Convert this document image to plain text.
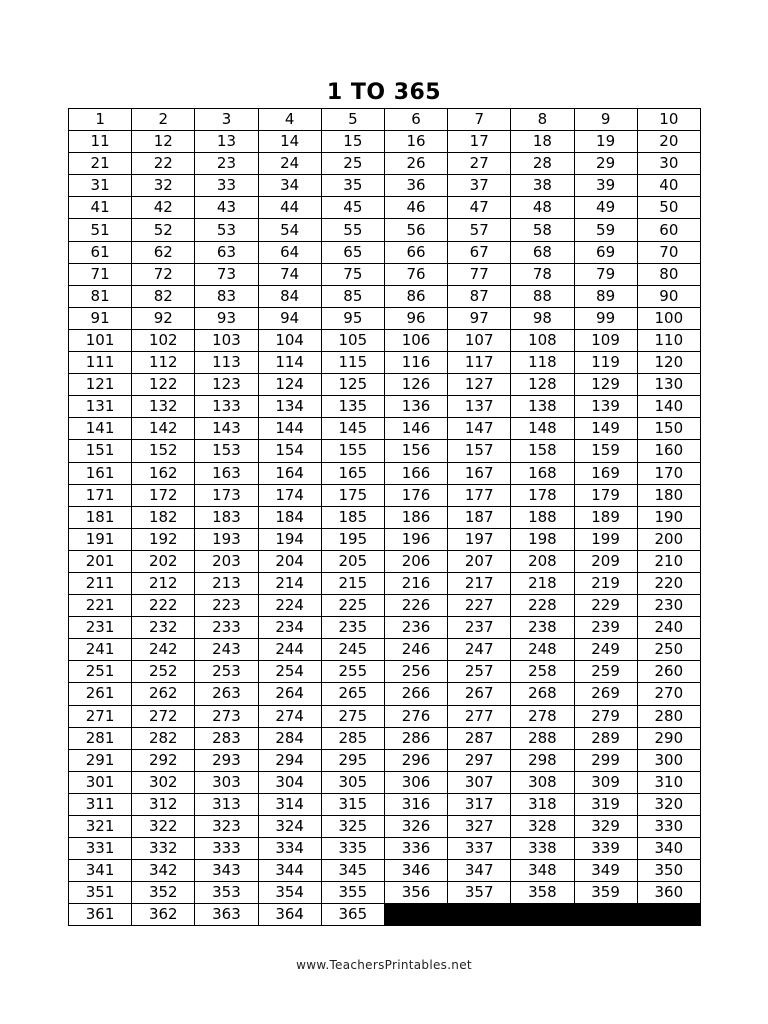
1 TO 365
1	2	3	4	5	6	7	8	9	10
11	12	13	14	15	16	17	18	19	20
21	22	23	24	25	26	27	28	29	30
31	32	33	34	35	36	37	38	39	40
41	42	43	44	45	46	47	48	49	50
51	52	53	54	55	56	57	58	59	60
61	62	63	64	65	66	67	68	69	70
71	72	73	74	75	76	77	78	79	80
81	82	83	84	85	86	87	88	89	90
91	92	93	94	95	96	97	98	99	100
101	102	103	104	105	106	107	108	109	110
111	112	113	114	115	116	117	118	119	120
121	122	123	124	125	126	127	128	129	130
131	132	133	134	135	136	137	138	139	140
141	142	143	144	145	146	147	148	149	150
151	152	153	154	155	156	157	158	159	160
161	162	163	164	165	166	167	168	169	170
171	172	173	174	175	176	177	178	179	180
181	182	183	184	185	186	187	188	189	190
191	192	193	194	195	196	197	198	199	200
201	202	203	204	205	206	207	208	209	210
211	212	213	214	215	216	217	218	219	220
221	222	223	224	225	226	227	228	229	230
231	232	233	234	235	236	237	238	239	240
241	242	243	244	245	246	247	248	249	250
251	252	253	254	255	256	257	258	259	260
261	262	263	264	265	266	267	268	269	270
271	272	273	274	275	276	277	278	279	280
281	282	283	284	285	286	287	288	289	290
291	292	293	294	295	296	297	298	299	300
301	302	303	304	305	306	307	308	309	310
311	312	313	314	315	316	317	318	319	320
321	322	323	324	325	326	327	328	329	330
331	332	333	334	335	336	337	338	339	340
341	342	343	344	345	346	347	348	349	350
351	352	353	354	355	356	357	358	359	360
361	362	363	364	365					
www.TeachersPrintables.net
